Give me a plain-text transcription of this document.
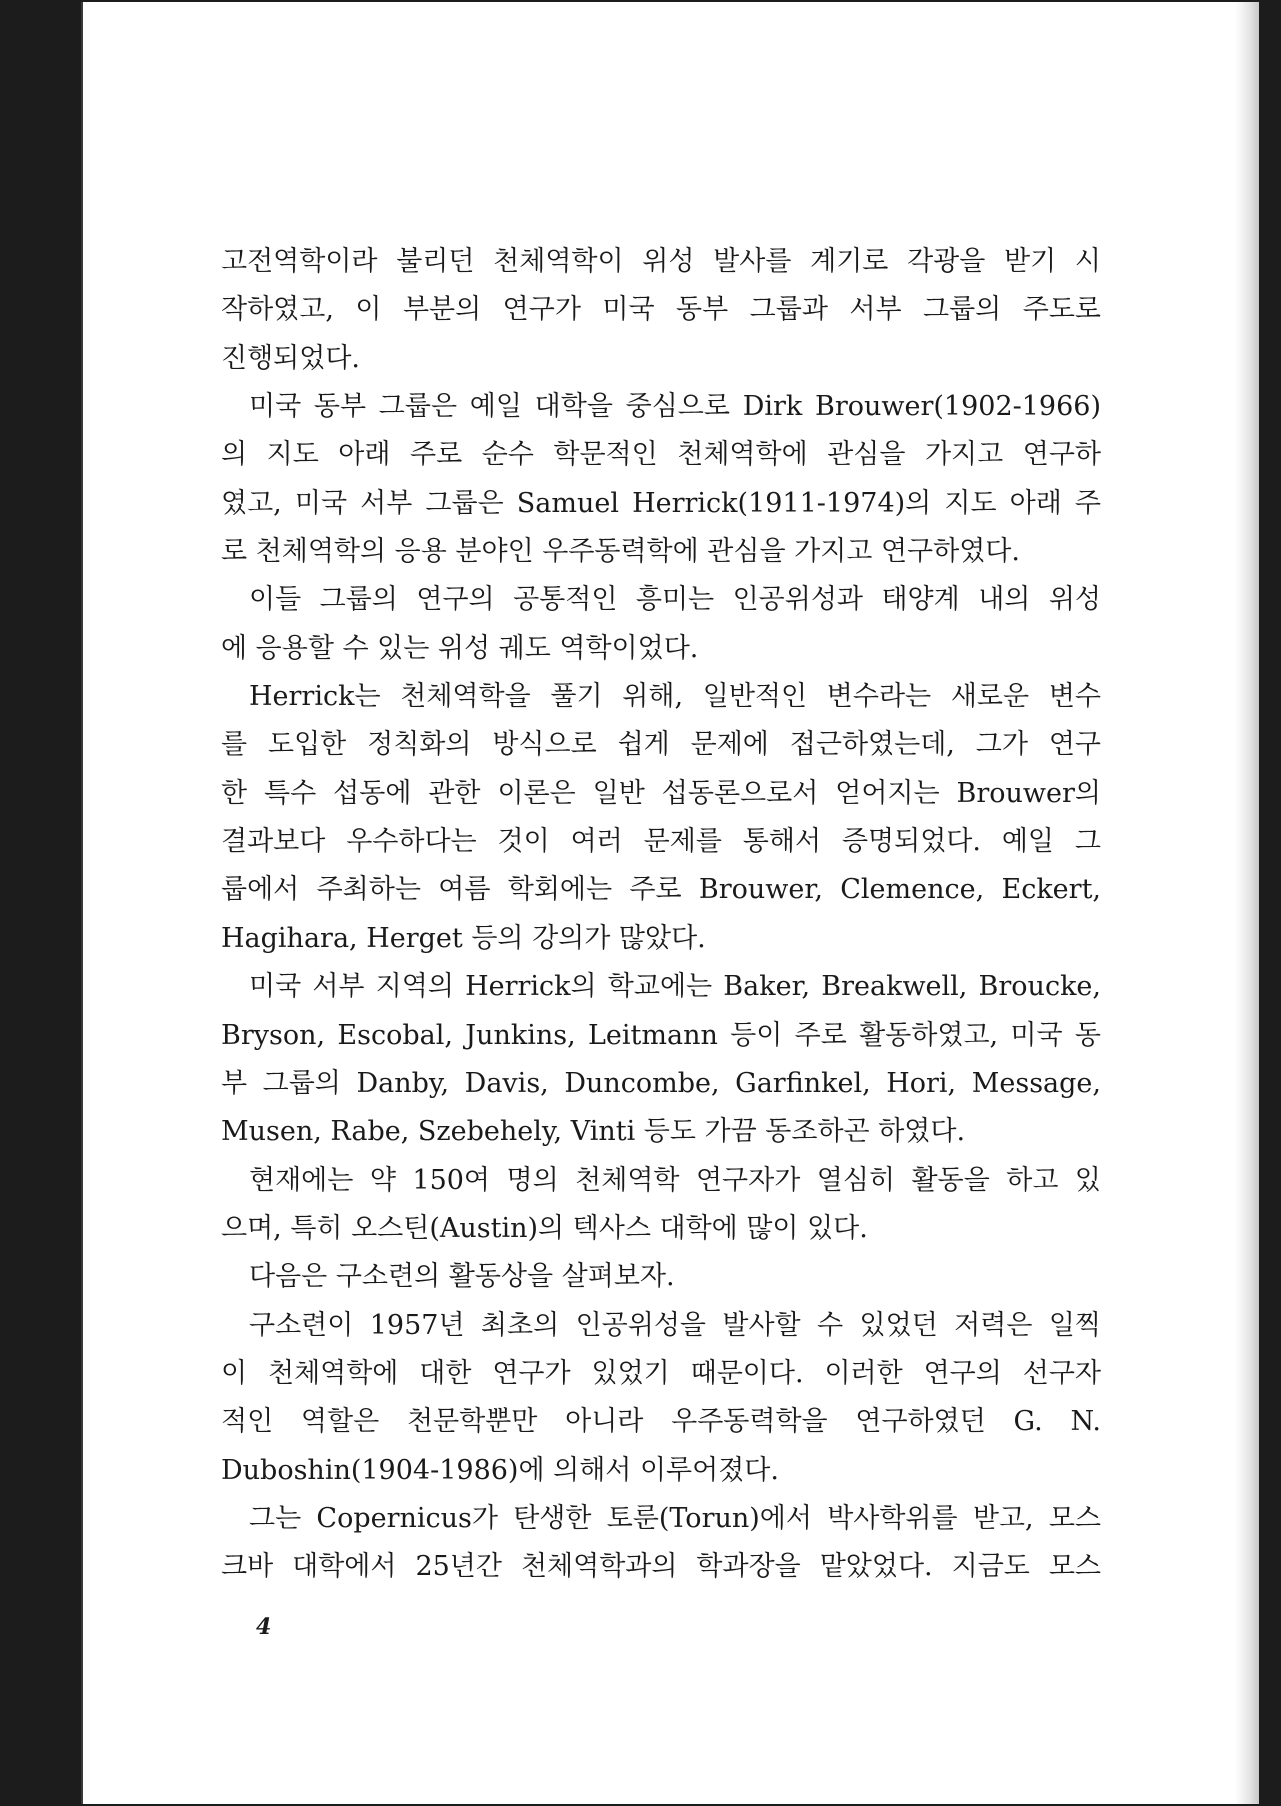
고전역학이라 불리던 천체역학이 위성 발사를 계기로 각광을 받기 시
작하였고, 이 부분의 연구가 미국 동부 그룹과 서부 그룹의 주도로
진행되었다.
미국 동부 그룹은 예일 대학을 중심으로 Dirk Brouwer(1902-1966)
의 지도 아래 주로 순수 학문적인 천체역학에 관심을 가지고 연구하
였고, 미국 서부 그룹은 Samuel Herrick(1911-1974)의 지도 아래 주
로 천체역학의 응용 분야인 우주동력학에 관심을 가지고 연구하였다.
이들 그룹의 연구의 공통적인 흥미는 인공위성과 태양계 내의 위성
에 응용할 수 있는 위성 궤도 역학이었다.
Herrick는 천체역학을 풀기 위해, 일반적인 변수라는 새로운 변수
를 도입한 정칙화의 방식으로 쉽게 문제에 접근하였는데, 그가 연구
한 특수 섭동에 관한 이론은 일반 섭동론으로서 얻어지는 Brouwer의
결과보다 우수하다는 것이 여러 문제를 통해서 증명되었다. 예일 그
룹에서 주최하는 여름 학회에는 주로 Brouwer, Clemence, Eckert,
Hagihara, Herget 등의 강의가 많았다.
미국 서부 지역의 Herrick의 학교에는 Baker, Breakwell, Broucke,
Bryson, Escobal, Junkins, Leitmann 등이 주로 활동하였고, 미국 동
부 그룹의 Danby, Davis, Duncombe, Garfinkel, Hori, Message,
Musen, Rabe, Szebehely, Vinti 등도 가끔 동조하곤 하였다.
현재에는 약 150여 명의 천체역학 연구자가 열심히 활동을 하고 있
으며, 특히 오스틴(Austin)의 텍사스 대학에 많이 있다.
다음은 구소련의 활동상을 살펴보자.
구소련이 1957년 최초의 인공위성을 발사할 수 있었던 저력은 일찍
이 천체역학에 대한 연구가 있었기 때문이다. 이러한 연구의 선구자
적인 역할은 천문학뿐만 아니라 우주동력학을 연구하였던 G. N.
Duboshin(1904-1986)에 의해서 이루어졌다.
그는 Copernicus가 탄생한 토룬(Torun)에서 박사학위를 받고, 모스
크바 대학에서 25년간 천체역학과의 학과장을 맡았었다. 지금도 모스
4
